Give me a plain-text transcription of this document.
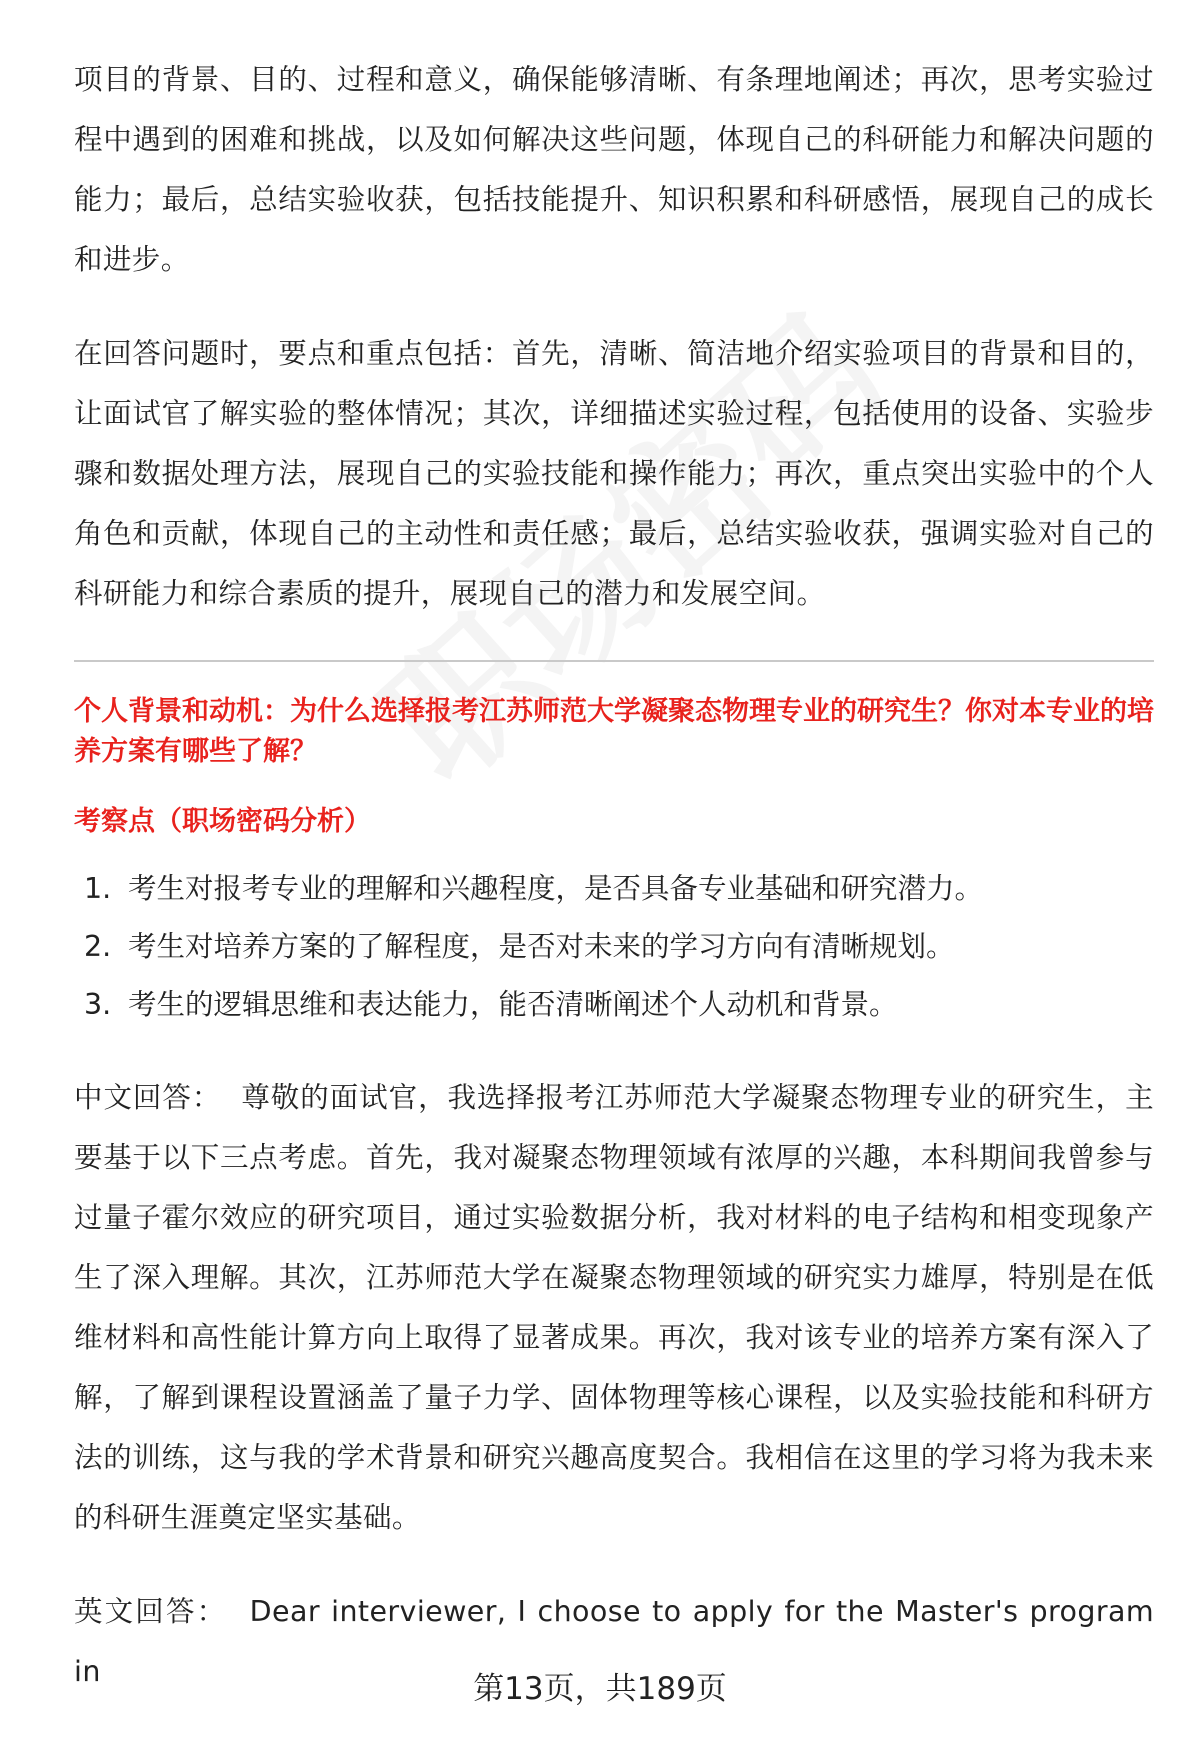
项目的背景、目的、过程和意义，确保能够清晰、有条理地阐述；再次，思考实验过程中遇到的困难和挑战，以及如何解决这些问题，体现自己的科研能力和解决问题的能力；最后，总结实验收获，包括技能提升、知识积累和科研感悟，展现自己的成长和进步。

在回答问题时，要点和重点包括：首先，清晰、简洁地介绍实验项目的背景和目的，让面试官了解实验的整体情况；其次，详细描述实验过程，包括使用的设备、实验步骤和数据处理方法，展现自己的实验技能和操作能力；再次，重点突出实验中的个人角色和贡献，体现自己的主动性和责任感；最后，总结实验收获，强调实验对自己的科研能力和综合素质的提升，展现自己的潜力和发展空间。

个人背景和动机：为什么选择报考江苏师范大学凝聚态物理专业的研究生？你对本专业的培养方案有哪些了解？

考察点（职场密码分析）

1. 考生对报考专业的理解和兴趣程度，是否具备专业基础和研究潜力。
2. 考生对培养方案的了解程度，是否对未来的学习方向有清晰规划。
3. 考生的逻辑思维和表达能力，能否清晰阐述个人动机和背景。

中文回答： 尊敬的面试官，我选择报考江苏师范大学凝聚态物理专业的研究生，主要基于以下三点考虑。首先，我对凝聚态物理领域有浓厚的兴趣，本科期间我曾参与过量子霍尔效应的研究项目，通过实验数据分析，我对材料的电子结构和相变现象产生了深入理解。其次，江苏师范大学在凝聚态物理领域的研究实力雄厚，特别是在低维材料和高性能计算方向上取得了显著成果。再次，我对该专业的培养方案有深入了解，了解到课程设置涵盖了量子力学、固体物理等核心课程，以及实验技能和科研方法的训练，这与我的学术背景和研究兴趣高度契合。我相信在这里的学习将为我未来的科研生涯奠定坚实基础。

英文回答： Dear interviewer, I choose to apply for the Master's program in	第13页，共189页
